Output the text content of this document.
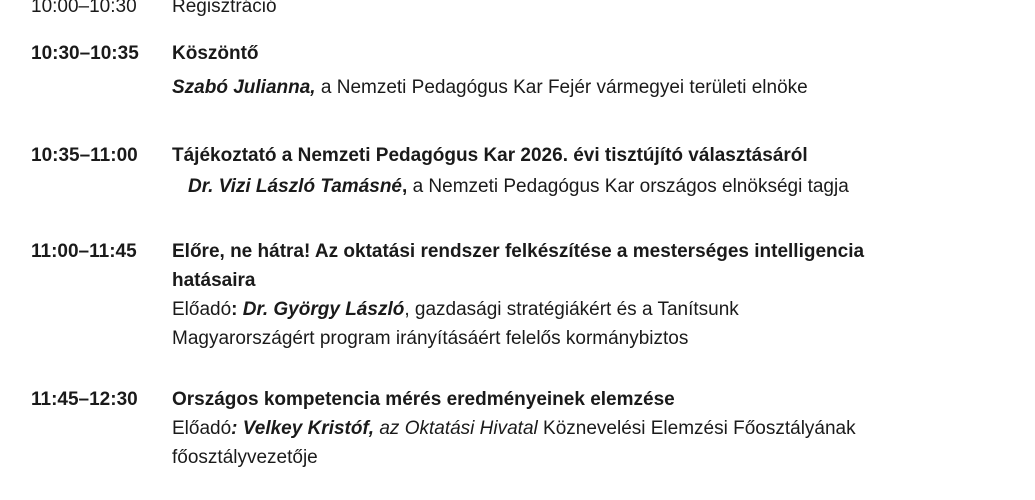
10:00–10:30 Regisztráció
10:30–10:35 Köszöntő
Szabó Julianna, a Nemzeti Pedagógus Kar Fejér vármegyei területi elnöke
10:35–11:00 Tájékoztató a Nemzeti Pedagógus Kar 2026. évi tisztújító választásáról
Dr. Vizi László Tamásné, a Nemzeti Pedagógus Kar országos elnökségi tagja
11:00–11:45 Előre, ne hátra! Az oktatási rendszer felkészítése a mesterséges intelligencia hatásaira
Előadó: Dr. György László, gazdasági stratégiákért és a Tanítsunk Magyarországért program irányításáért felelős kormánybiztos
11:45–12:30 Országos kompetencia mérés eredményeinek elemzése
Előadó: Velkey Kristóf, az Oktatási Hivatal Köznevelési Elemzési Főosztályának főosztályvezetője
